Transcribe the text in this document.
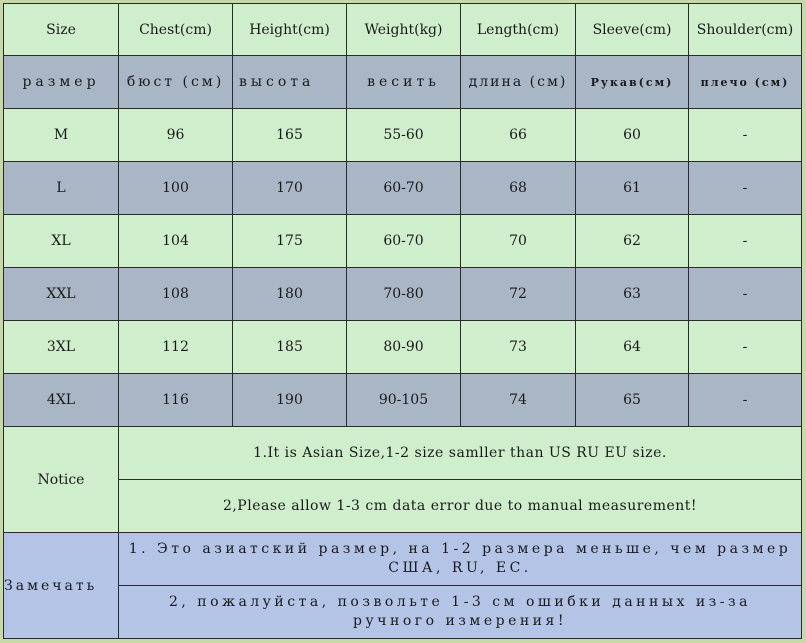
Size	Chest(cm)	Height(cm)	Weight(kg)	Length(cm)	Sleeve(cm)	Shoulder(cm)
размер	бюст (см)	высота	весить	длина (см)	Рукав(см)	плечо (см)
M	96	165	55-60	66	60	-
L	100	170	60-70	68	61	-
XL	104	175	60-70	70	62	-
XXL	108	180	70-80	72	63	-
3XL	112	185	80-90	73	64	-
4XL	116	190	90-105	74	65	-
Notice	1.It is Asian Size,1-2 size samller than US RU EU size.					
	2,Please allow 1-3 cm data error due to manual measurement!					
Замечать	1. Это азиатский размер, на 1-2 размера меньше, чем размер США, RU, ЕС.					
	2, пожалуйста, позвольте 1-3 см ошибки данных из-за ручного измерения!					
